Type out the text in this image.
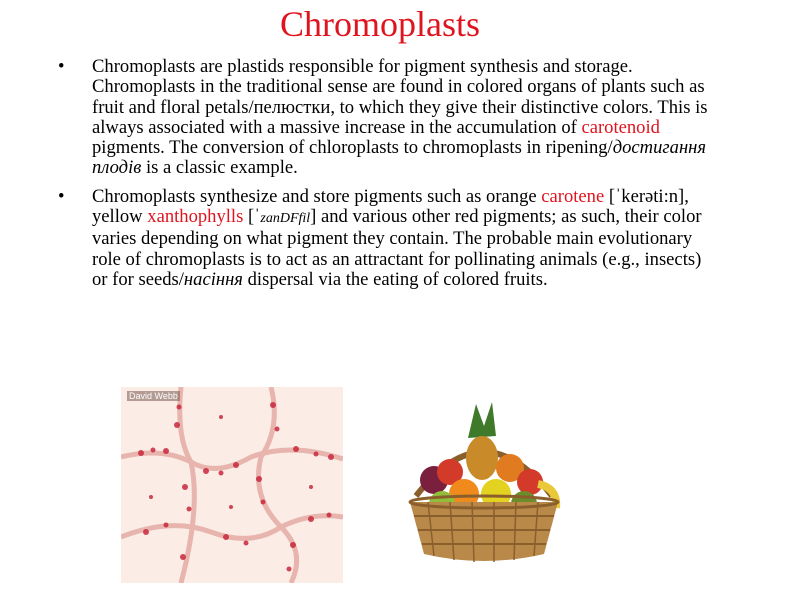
Chromoplasts
• Chromoplasts are plastids responsible for pigment synthesis and storage. Chromoplasts in the traditional sense are found in colored organs of plants such as fruit and floral petals/пелюстки, to which they give their distinctive colors. This is always associated with a massive increase in the accumulation of carotenoid pigments. The conversion of chloroplasts to chromoplasts in ripening/достигання плодів is a classic example.
• Chromoplasts synthesize and store pigments such as orange carotene [ˈkerəti:n], yellow xanthophylls [ˈzanDFfil] and various other red pigments; as such, their color varies depending on what pigment they contain. The probable main evolutionary role of chromoplasts is to act as an attractant for pollinating animals (e.g., insects) or for seeds/насіння dispersal via the eating of colored fruits.
David Webb
